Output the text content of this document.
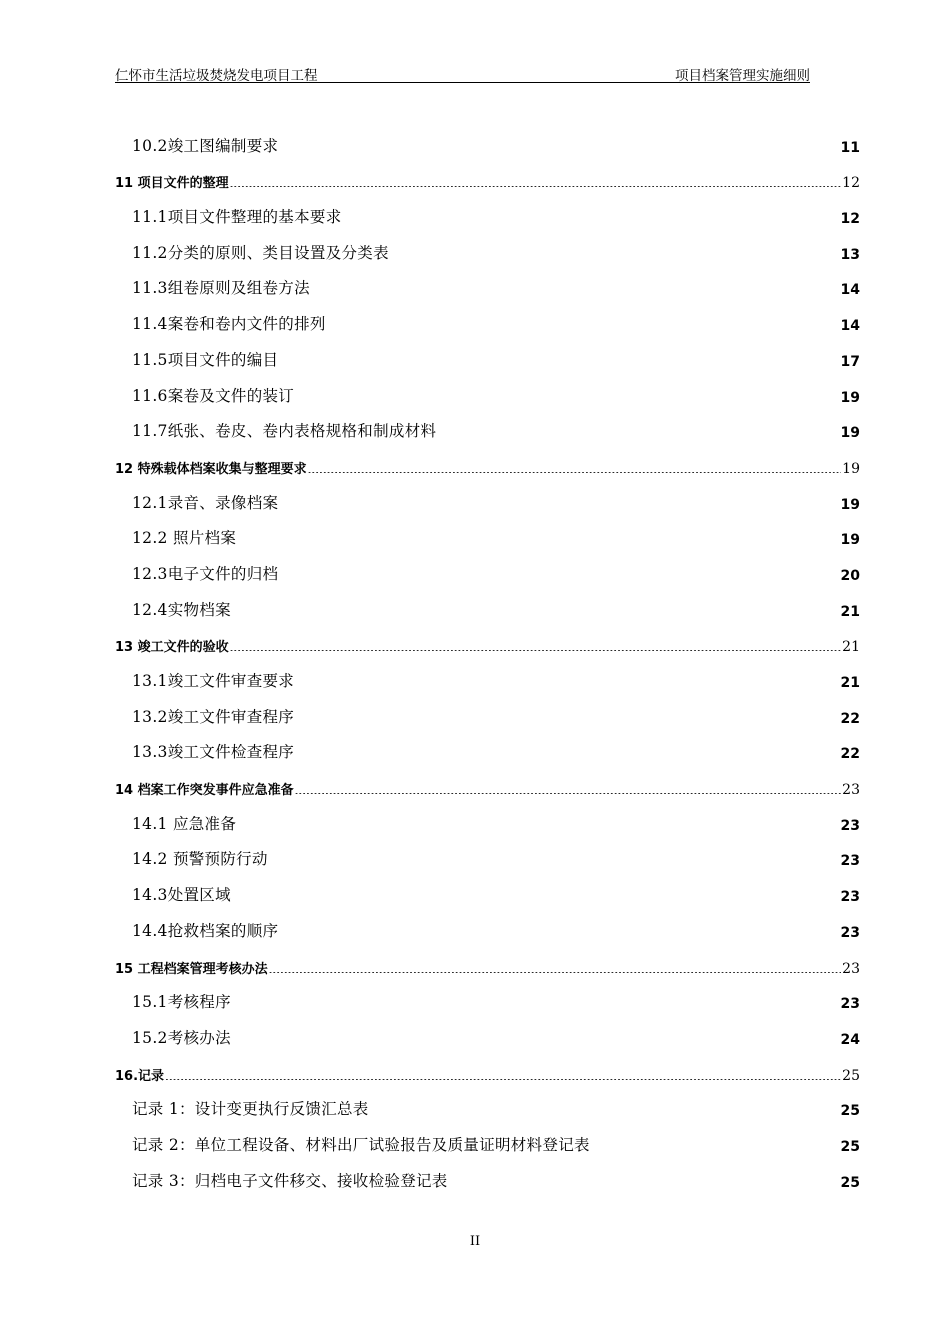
仁怀市生活垃圾焚烧发电项目工程	项目档案管理实施细则
10.2竣工图编制要求 .....	11
11 项目文件的整理 .....	12
11.1项目文件整理的基本要求 .....	12
11.2分类的原则、类目设置及分类表 .....	13
11.3组卷原则及组卷方法 .....	14
11.4案卷和卷内文件的排列 .....	14
11.5项目文件的编目 .....	17
11.6案卷及文件的装订 .....	19
11.7纸张、卷皮、卷内表格规格和制成材料 .....	19
12 特殊载体档案收集与整理要求 .....	19
12.1录音、录像档案 .....	19
12.2 照片档案 .....	19
12.3电子文件的归档 .....	20
12.4实物档案 .....	21
13 竣工文件的验收 .....	21
13.1竣工文件审查要求 .....	21
13.2竣工文件审查程序 .....	22
13.3竣工文件检查程序 .....	22
14 档案工作突发事件应急准备 .....	23
14.1 应急准备 .....	23
14.2 预警预防行动 .....	23
14.3处置区域 .....	23
14.4抢救档案的顺序 .....	23
15 工程档案管理考核办法 .....	23
15.1考核程序 .....	23
15.2考核办法 .....	24
16.记录 .....	25
记录 1：设计变更执行反馈汇总表 .....	25
记录 2：单位工程设备、材料出厂试验报告及质量证明材料登记表 .....	25
记录 3：归档电子文件移交、接收检验登记表 .....	25
II
